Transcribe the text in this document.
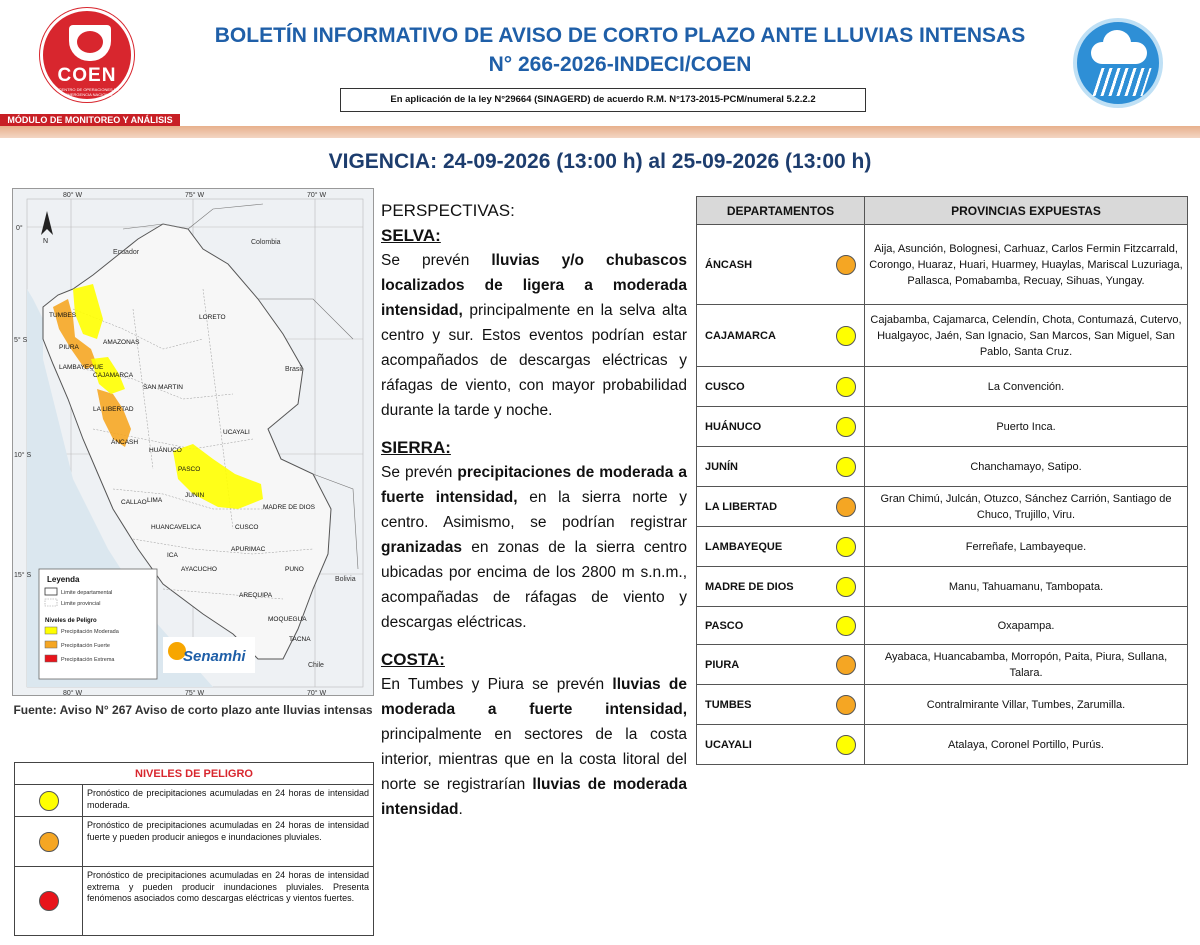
COEN
CENTRO DE OPERACIONES DE EMERGENCIA NACIONAL
MÓDULO DE MONITOREO Y ANÁLISIS
BOLETÍN INFORMATIVO DE AVISO DE CORTO PLAZO ANTE LLUVIAS INTENSAS
N° 266-2026-INDECI/COEN
En aplicación de la ley N°29664 (SINAGERD) de acuerdo R.M. N°173-2015-PCM/numeral 5.2.2.2
VIGENCIA: 24-09-2026 (13:00 h) al 25-09-2026 (13:00 h)
80° W	75° W	70° W
80° W	75° W	70° W
0°
5° S
10° S
15° S
N	Colombia
Ecuador
Brasil
Bolivia
Chile
TUMBES
PIURA
AMAZONAS
LORETO
LAMBAYEQUE
CAJAMARCA
SAN MARTIN
LA LIBERTAD
ÁNCASH
HUÁNUCO
UCAYALI
PASCO
CALLAO LIMA
JUNIN
MADRE DE DIOS
HUANCAVELICA	CUSCO
ICA
APURIMAC
AYACUCHO	PUNO
AREQUIPA
MOQUEGUA
TACNA
Leyenda
Limite departamental
Limite provincial
Niveles de Peligro
Precipitación Moderada
Precipitación Fuerte
Precipitación Extrema	Senamhi
Fuente: Aviso N° 267 Aviso de corto plazo ante lluvias intensas
NIVELES DE PELIGRO
Pronóstico de precipitaciones acumuladas en 24 horas de intensidad moderada.
Pronóstico de precipitaciones acumuladas en 24 horas de intensidad fuerte y pueden producir aniegos e inundaciones pluviales.
Pronóstico de precipitaciones acumuladas en 24 horas de intensidad extrema y pueden producir inundaciones pluviales. Presenta fenómenos asociados como descargas eléctricas y vientos fuertes.
PERSPECTIVAS:
SELVA:

Se prevén lluvias y/o chubascos localizados de ligera a moderada intensidad, principalmente en la selva alta centro y sur. Estos eventos podrían estar acompañados de descargas eléctricas y ráfagas de viento, con mayor probabilidad durante la tarde y noche.

SIERRA:

Se prevén precipitaciones de moderada a fuerte intensidad, en la sierra norte y centro. Asimismo, se podrían registrar granizadas en zonas de la sierra centro ubicadas por encima de los 2800 m s.n.m., acompañadas de ráfagas de viento y descargas eléctricas.

COSTA:

En Tumbes y Piura se prevén lluvias de moderada a fuerte intensidad, principalmente en sectores de la costa interior, mientras que en la costa litoral del norte se registrarían lluvias de moderada intensidad.

DEPARTAMENTOS	PROVINCIAS EXPUESTAS
ÁNCASH	Aija, Asunción, Bolognesi, Carhuaz, Carlos Fermin Fitzcarrald, Corongo, Huaraz, Huari, Huarmey, Huaylas, Mariscal Luzuriaga, Pallasca, Pomabamba, Recuay, Sihuas, Yungay.
CAJAMARCA	Cajabamba, Cajamarca, Celendín, Chota, Contumazá, Cutervo, Hualgayoc, Jaén, San Ignacio, San Marcos, San Miguel, San Pablo, Santa Cruz.
CUSCO	La Convención.
HUÁNUCO	Puerto Inca.
JUNÍN	Chanchamayo, Satipo.
LA LIBERTAD	Gran Chimú, Julcán, Otuzco, Sánchez Carrión, Santiago de Chuco, Trujillo, Viru.
LAMBAYEQUE	Ferreñafe, Lambayeque.
MADRE DE DIOS	Manu, Tahuamanu, Tambopata.
PASCO	Oxapampa.
PIURA	Ayabaca, Huancabamba, Morropón, Paita, Piura, Sullana, Talara.
TUMBES	Contralmirante Villar, Tumbes, Zarumilla.
UCAYALI	Atalaya, Coronel Portillo, Purús.
